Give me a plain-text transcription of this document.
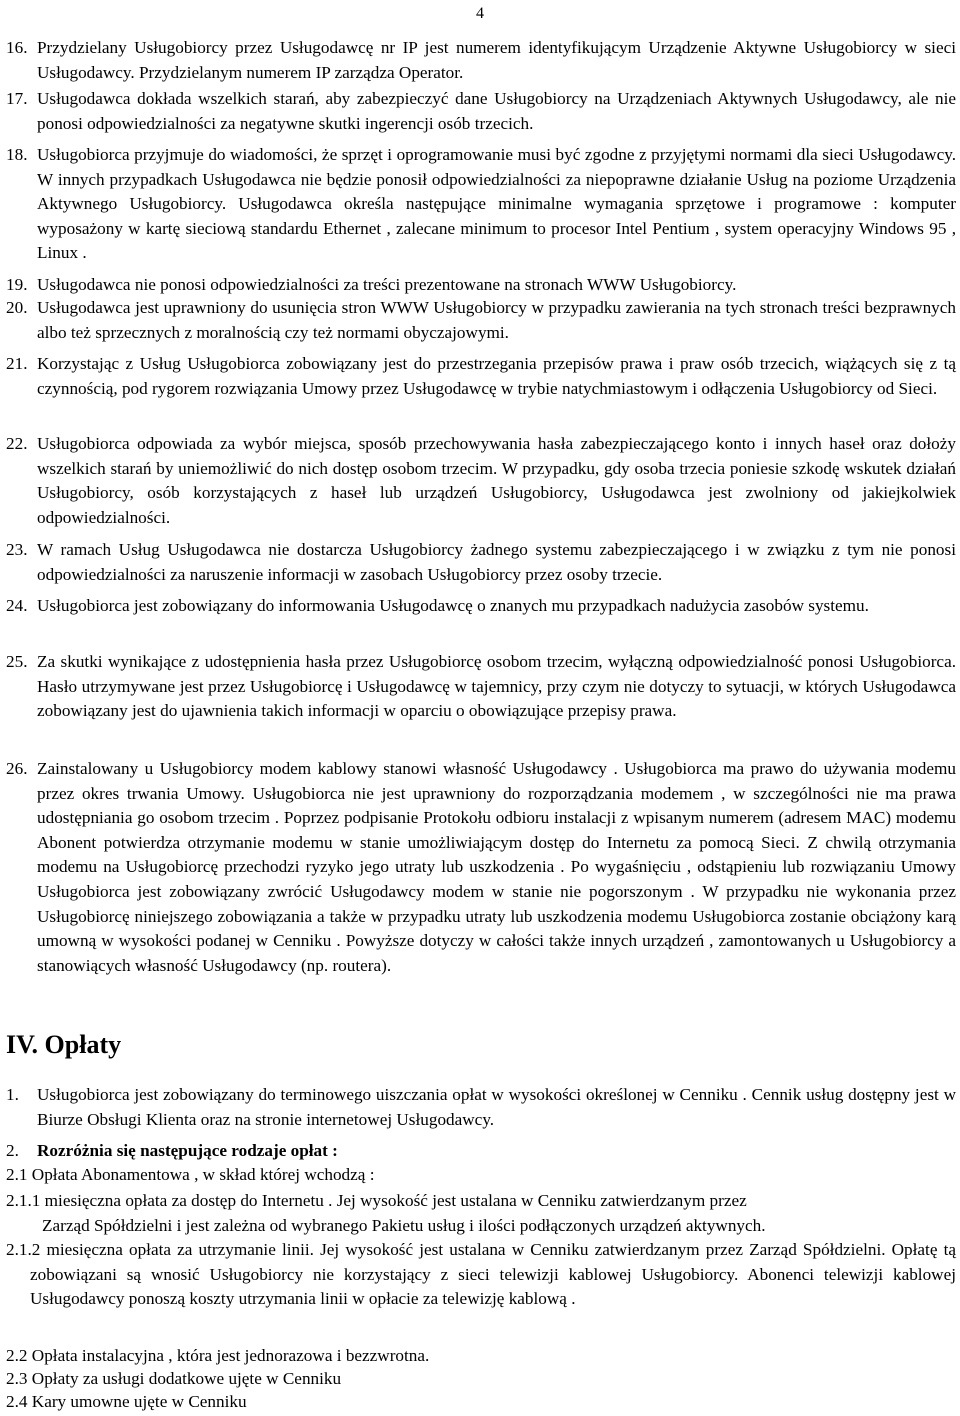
4
16. Przydzielany Usługobiorcy przez Usługodawcę nr IP jest numerem identyfikującym Urządzenie Aktywne Usługobiorcy w sieci Usługodawcy. Przydzielanym numerem IP zarządza Operator.
17. Usługodawca dokłada wszelkich starań, aby zabezpieczyć dane Usługobiorcy na Urządzeniach Aktywnych Usługodawcy, ale nie ponosi odpowiedzialności za negatywne skutki ingerencji osób trzecich.
18. Usługobiorca przyjmuje do wiadomości, że sprzęt i oprogramowanie musi być zgodne z przyjętymi normami dla sieci Usługodawcy. W innych przypadkach Usługodawca nie będzie ponosił odpowiedzialności za niepoprawne działanie Usług na poziome Urządzenia Aktywnego Usługobiorcy. Usługodawca określa następujące minimalne wymagania sprzętowe i programowe : komputer wyposażony w kartę sieciową standardu Ethernet , zalecane minimum to procesor Intel Pentium , system operacyjny Windows 95 , Linux .
19. Usługodawca nie ponosi odpowiedzialności za treści prezentowane na stronach WWW Usługobiorcy.
20. Usługodawca jest uprawniony do usunięcia stron WWW Usługobiorcy w przypadku zawierania na tych stronach treści bezprawnych albo też sprzecznych z moralnością czy też normami obyczajowymi.
21. Korzystając z Usług Usługobiorca zobowiązany jest do przestrzegania przepisów prawa i praw osób trzecich, wiążących się z tą czynnością, pod rygorem rozwiązania Umowy przez Usługodawcę w trybie natychmiastowym i odłączenia Usługobiorcy od Sieci.
22. Usługobiorca odpowiada za wybór miejsca, sposób przechowywania hasła zabezpieczającego konto i innych haseł oraz dołoży wszelkich starań by uniemożliwić do nich dostęp osobom trzecim. W przypadku, gdy osoba trzecia poniesie szkodę wskutek działań Usługobiorcy, osób korzystających z haseł lub urządzeń Usługobiorcy, Usługodawca jest zwolniony od jakiejkolwiek odpowiedzialności.
23. W ramach Usług Usługodawca nie dostarcza Usługobiorcy żadnego systemu zabezpieczającego i w związku z tym nie ponosi odpowiedzialności za naruszenie informacji w zasobach Usługobiorcy przez osoby trzecie.
24. Usługobiorca jest zobowiązany do informowania Usługodawcę o znanych mu przypadkach nadużycia zasobów systemu.
25. Za skutki wynikające z udostępnienia hasła przez Usługobiorcę osobom trzecim, wyłączną odpowiedzialność ponosi Usługobiorca. Hasło utrzymywane jest przez Usługobiorcę i Usługodawcę w tajemnicy, przy czym nie dotyczy to sytuacji, w których Usługodawca zobowiązany jest do ujawnienia takich informacji w oparciu o obowiązujące przepisy prawa.
26. Zainstalowany u Usługobiorcy modem kablowy stanowi własność Usługodawcy . Usługobiorca ma prawo do używania modemu przez okres trwania Umowy. Usługobiorca nie jest uprawniony do rozporządzania modemem , w szczególności nie ma prawa udostępniania go osobom trzecim . Poprzez podpisanie Protokołu odbioru instalacji z wpisanym numerem (adresem MAC) modemu Abonent potwierdza otrzymanie modemu w stanie umożliwiającym dostęp do Internetu za pomocą Sieci. Z chwilą otrzymania modemu na Usługobiorcę przechodzi ryzyko jego utraty lub uszkodzenia . Po wygaśnięciu , odstąpieniu lub rozwiązaniu Umowy Usługobiorca jest zobowiązany zwrócić Usługodawcy modem w stanie nie pogorszonym . W przypadku nie wykonania przez Usługobiorcę niniejszego zobowiązania a także w przypadku utraty lub uszkodzenia modemu Usługobiorca zostanie obciążony karą umowną w wysokości podanej w Cenniku . Powyższe dotyczy w całości także innych urządzeń , zamontowanych u Usługobiorcy a stanowiących własność Usługodawcy (np. routera).
IV. Opłaty
1. Usługobiorca jest zobowiązany do terminowego uiszczania opłat w wysokości określonej w Cenniku . Cennik usług dostępny jest w Biurze Obsługi Klienta oraz na stronie internetowej Usługodawcy.
2. Rozróżnia się następujące rodzaje opłat :
2.1 Opłata Abonamentowa , w skład której wchodzą :
2.1.1 miesięczna opłata za dostęp do Internetu . Jej wysokość jest ustalana w Cenniku zatwierdzanym przez
Zarząd Spółdzielni i jest zależna od wybranego Pakietu usług i ilości podłączonych urządzeń aktywnych.
2.1.2 miesięczna opłata za utrzymanie linii. Jej wysokość jest ustalana w Cenniku zatwierdzanym przez Zarząd Spółdzielni. Opłatę tą zobowiązani są wnosić Usługobiorcy nie korzystający z sieci telewizji kablowej Usługobiorcy. Abonenci telewizji kablowej Usługodawcy ponoszą koszty utrzymania linii w opłacie za telewizję kablową .
2.2 Opłata instalacyjna , która jest jednorazowa i bezzwrotna.
2.3 Opłaty za usługi dodatkowe ujęte w Cenniku
2.4 Kary umowne ujęte w Cenniku
